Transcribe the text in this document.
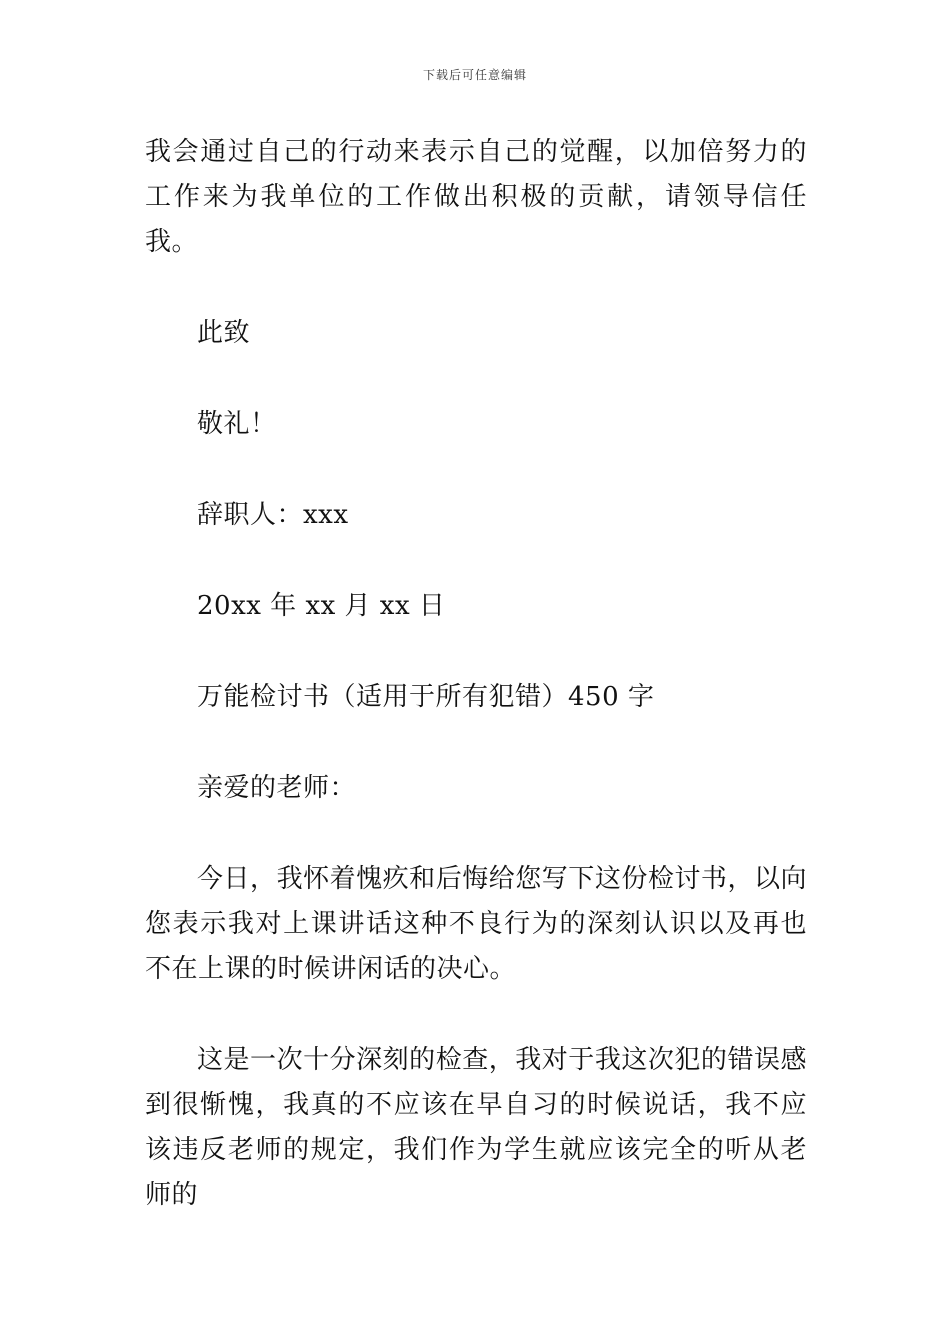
下载后可任意编辑

我会通过自己的行动来表示自己的觉醒，以加倍努力的工作来为我单位的工作做出积极的贡献，请领导信任我。

此致

敬礼！

辞职人：xxx

20xx 年 xx 月 xx 日

万能检讨书（适用于所有犯错）450 字

亲爱的老师：

今日，我怀着愧疚和后悔给您写下这份检讨书，以向您表示我对上课讲话这种不良行为的深刻认识以及再也不在上课的时候讲闲话的决心。

这是一次十分深刻的检查，我对于我这次犯的错误感到很惭愧，我真的不应该在早自习的时候说话，我不应该违反老师的规定，我们作为学生就应该完全的听从老师的
